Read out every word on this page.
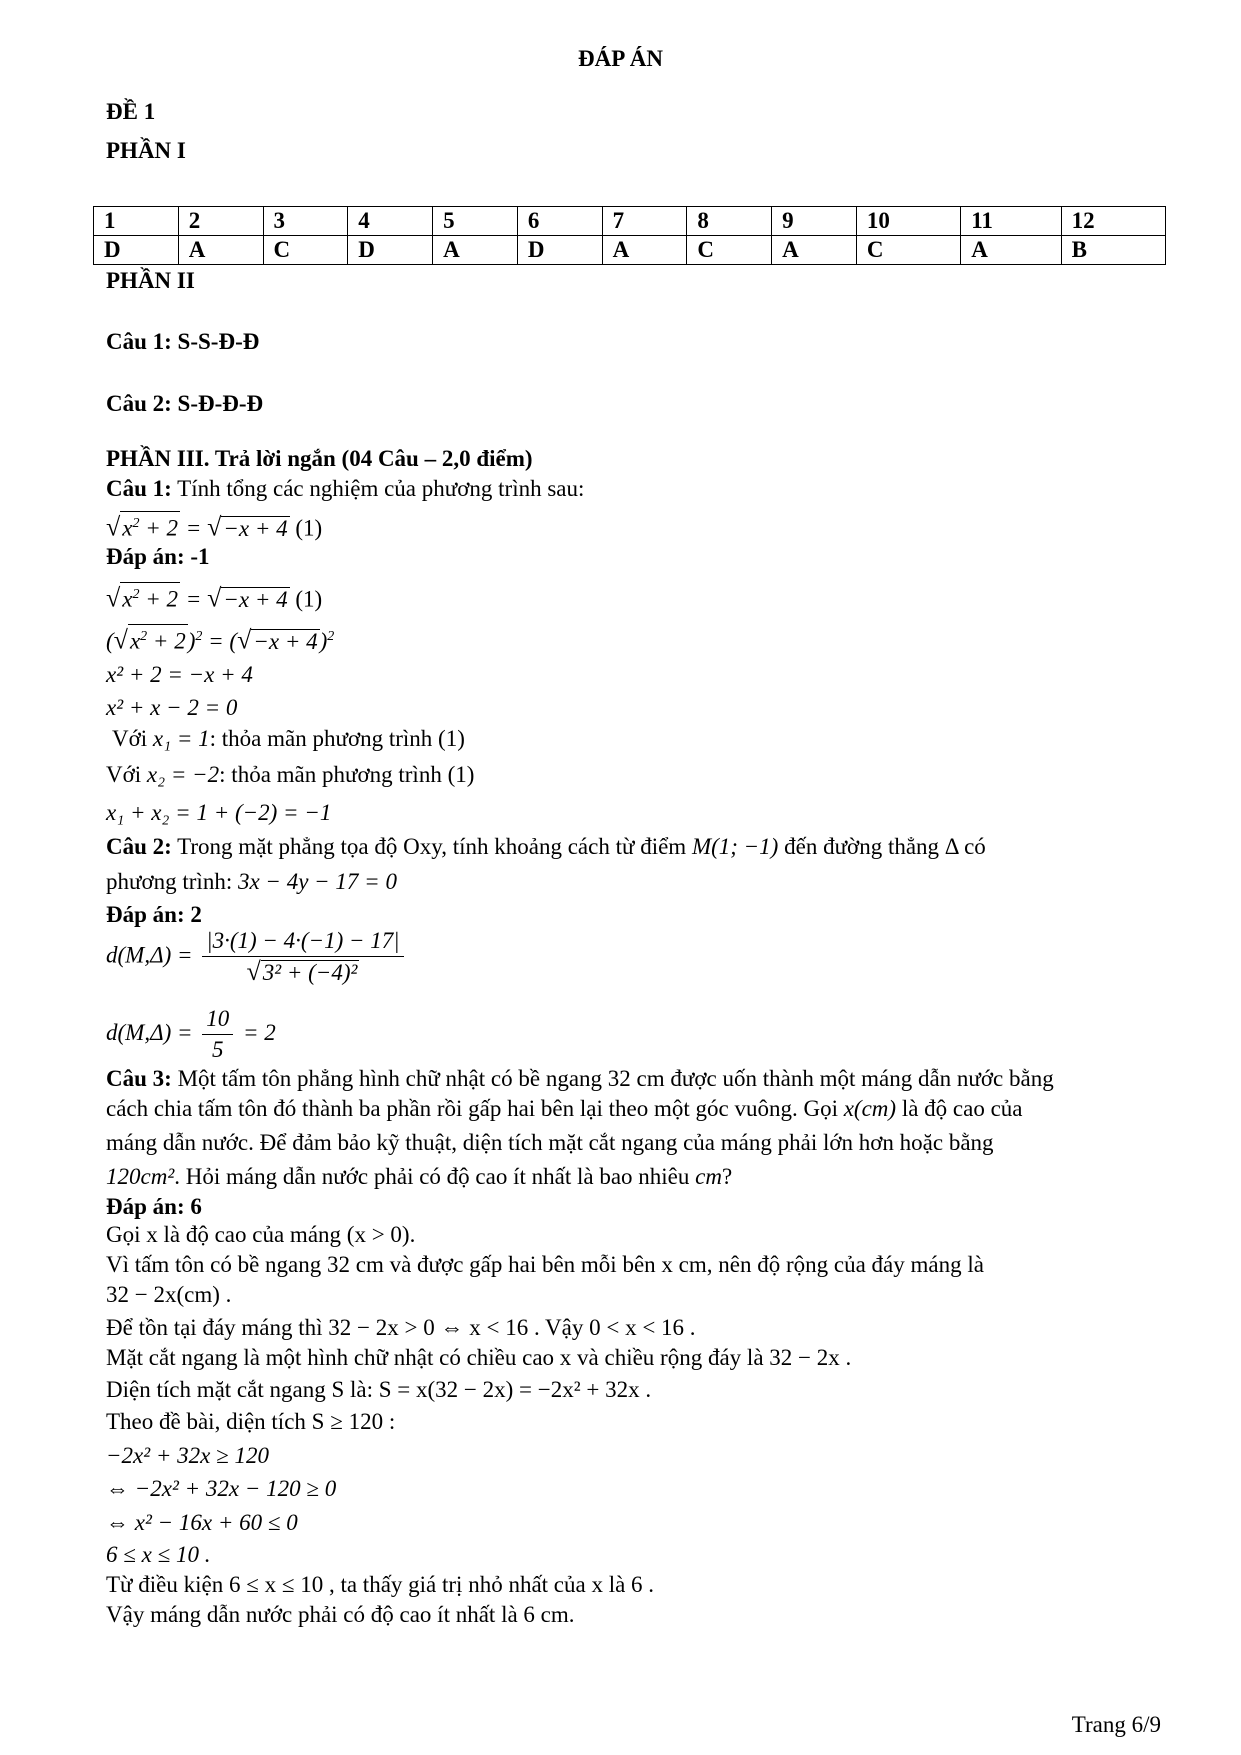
ĐÁP ÁN
ĐỀ 1
PHẦN I
1	2	3	4	5	6	7	8	9	10	11	12
D	A	C	D	A	D	A	C	A	C	A	B
PHẦN II
Câu 1: S-S-Đ-Đ
Câu 2: S-Đ-Đ-Đ
PHẦN III. Trả lời ngắn (04 Câu – 2,0 điểm)
Câu 1: Tính tổng các nghiệm của phương trình sau:
$√x^2 + 2 = √-x + 4$ (1)
Đáp án: -1
$√x^2 + 2 = √-x + 4$ (1)
$(√x^2 + 2)^2 = (√-x + 4)^2$
x² + 2 = −x + 4
x² + x − 2 = 0
Với x₁ = 1: thỏa mãn phương trình (1)
Với x₂ = −2: thỏa mãn phương trình (1)
x₁ + x₂ = 1 + (−2) = −1
Câu 2: Trong mặt phẳng tọa độ Oxy, tính khoảng cách từ điểm M(1; −1) đến đường thẳng Δ có
phương trình: 3x − 4y − 17 = 0
Đáp án: 2
$d(M,\Delta) = \frac{|3\cdot(1) - 4\cdot(-1) - 17|}{\text{√3² + (−4)²}}$
$d(M,\Delta) = \frac{10}{5} = 2$
Câu 3: Một tấm tôn phẳng hình chữ nhật có bề ngang 32 cm được uốn thành một máng dẫn nước bằng
cách chia tấm tôn đó thành ba phần rồi gấp hai bên lại theo một góc vuông. Gọi x(cm) là độ cao của
máng dẫn nước. Để đảm bảo kỹ thuật, diện tích mặt cắt ngang của máng phải lớn hơn hoặc bằng
120cm². Hỏi máng dẫn nước phải có độ cao ít nhất là bao nhiêu cm?
Đáp án: 6
Gọi x là độ cao của máng (x > 0).
Vì tấm tôn có bề ngang 32 cm và được gấp hai bên mỗi bên x cm, nên độ rộng của đáy máng là
32 − 2x(cm) .
Để tồn tại đáy máng thì 32 − 2x > 0 ⇔ x < 16 . Vậy 0 < x < 16 .
Mặt cắt ngang là một hình chữ nhật có chiều cao x và chiều rộng đáy là 32 − 2x .
Diện tích mặt cắt ngang S là: S = x(32 − 2x) = −2x² + 32x .
Theo đề bài, diện tích S ≥ 120 :
−2x² + 32x ≥ 120
⇔ −2x² + 32x − 120 ≥ 0
⇔ x² − 16x + 60 ≤ 0
6 ≤ x ≤ 10 .
Từ điều kiện 6 ≤ x ≤ 10 , ta thấy giá trị nhỏ nhất của x là 6 .
Vậy máng dẫn nước phải có độ cao ít nhất là 6 cm.
Trang 6/9
